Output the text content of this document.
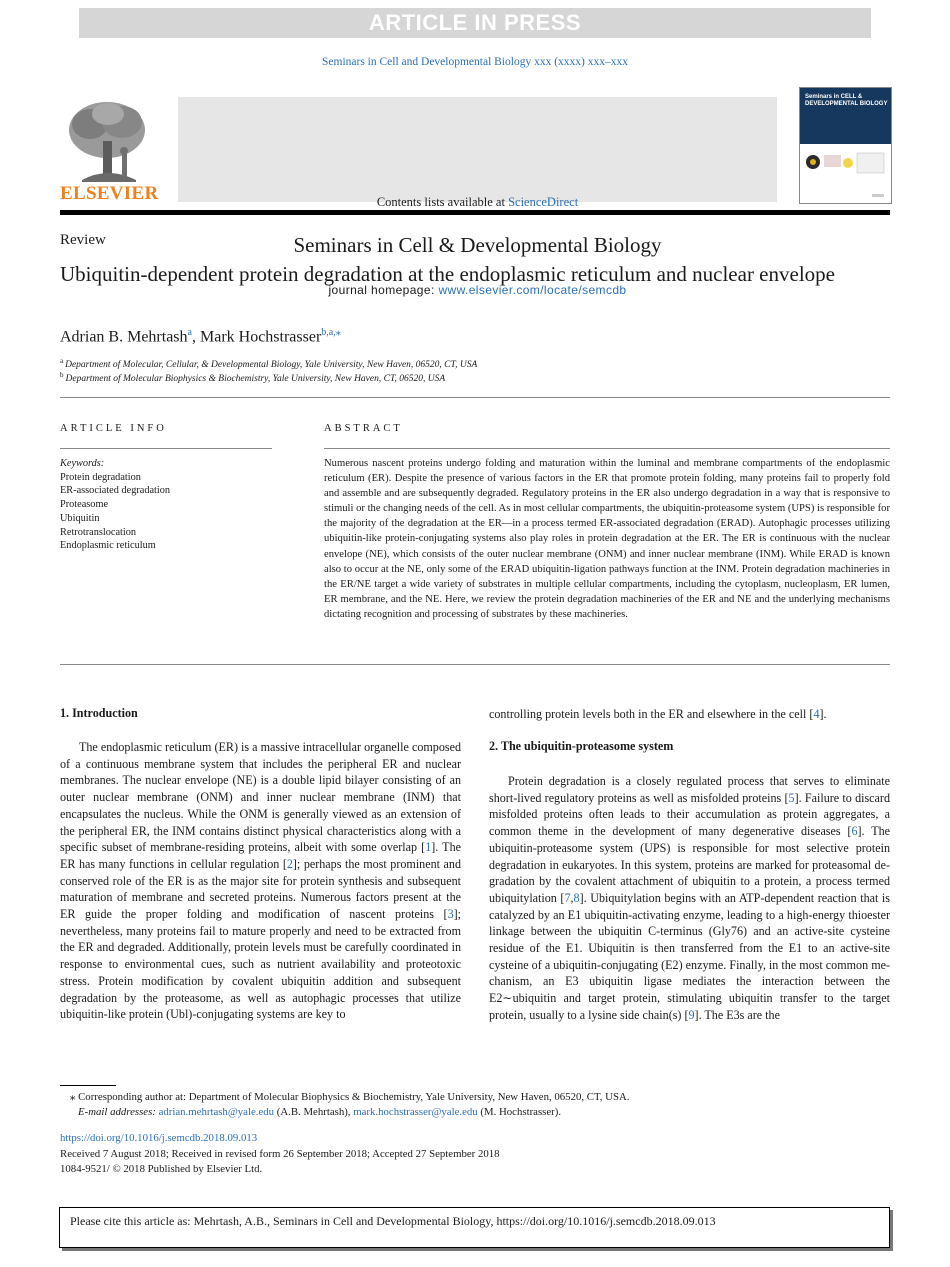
ARTICLE IN PRESS
Seminars in Cell and Developmental Biology xxx (xxxx) xxx–xxx
ELSEVIER	Contents lists available at ScienceDirect
Seminars in Cell & Developmental Biology
journal homepage: www.elsevier.com/locate/semcdb
Seminars in CELL & DEVELOPMENTAL BIOLOGY
Review
Ubiquitin-dependent protein degradation at the endoplasmic reticulum and nuclear envelope
Adrian B. Mehrtash$^a$, Mark Hochstrasser$^{b,a,⁎}$
$^a$ Department of Molecular, Cellular, & Developmental Biology, Yale University, New Haven, 06520, CT, USA
$^b$ Department of Molecular Biophysics & Biochemistry, Yale University, New Haven, CT, 06520, USA
ARTICLE INFO	ABSTRACT
Keywords:
Protein degradation
ER-associated degradation
Proteasome
Ubiquitin
Retrotranslocation
Endoplasmic reticulum
Numerous nascent proteins undergo folding and maturation within the luminal and membrane compartments of the endoplasmic reticulum (ER). Despite the presence of various factors in the ER that promote protein folding, many proteins fail to properly fold and assemble and are subsequently degraded. Regulatory proteins in the ER also undergo degradation in a way that is responsive to stimuli or the changing needs of the cell. As in most cellular compartments, the ubiquitin-proteasome system (UPS) is responsible for the majority of the degradation at the ER—in a process termed ER-associated degradation (ERAD). Autophagic processes utilizing ubiquitin-like protein-conjugating systems also play roles in protein degradation at the ER. The ER is continuous with the nuclear envelope (NE), which consists of the outer nuclear membrane (ONM) and inner nuclear membrane (INM). While ERAD is known also to occur at the NE, only some of the ERAD ubiquitin-ligation pathways function at the INM. Protein degradation machineries in the ER/NE target a wide variety of substrates in multiple cellular compartments, including the cytoplasm, nucleoplasm, ER lumen, ER membrane, and the NE. Here, we review the protein degradation machineries of the ER and NE and the underlying mechanisms dictating recognition and processing of substrates by these machineries.
1. Introduction
The endoplasmic reticulum (ER) is a massive intracellular organelle composed of a continuous membrane system that includes the peripheral ER and nuclear membranes. The nuclear envelope (NE) is a double lipid bilayer consisting of an outer nuclear membrane (ONM) and inner nuclear membrane (INM) that encapsulates the nucleus. While the ONM is generally viewed as an extension of the peripheral ER, the INM contains distinct physical characteristics along with a specific subset of membrane-residing proteins, albeit with some overlap [1]. The ER has many functions in cellular regulation [2]; perhaps the most prominent and conserved role of the ER is as the major site for protein synthesis and subsequent maturation of membrane and secreted proteins. Numerous factors present at the ER guide the proper folding and modification of nascent proteins [3]; nevertheless, many proteins fail to mature properly and need to be extracted from the ER and degraded. Additionally, protein levels must be carefully coordinated in response to environmental cues, such as nutrient availability and proteotoxic stress. Protein modification by covalent ubiquitin addition and subsequent degradation by the proteasome, as well as autophagic processes that utilize ubiquitin-like protein (Ubl)-conjugating systems are key to
controlling protein levels both in the ER and elsewhere in the cell [4].
2. The ubiquitin-proteasome system
Protein degradation is a closely regulated process that serves to eliminate short-lived regulatory proteins as well as misfolded proteins [5]. Failure to discard misfolded proteins often leads to their accumulation as protein aggregates, a common theme in the development of many degenerative diseases [6]. The ubiquitin-proteasome system (UPS) is responsible for most selective protein degradation in eukaryotes. In this system, proteins are marked for proteasomal degradation by the covalent attachment of ubiquitin to a protein, a process termed ubiquitylation [7,8]. Ubiquitylation begins with an ATP-dependent reaction that is catalyzed by an E1 ubiquitin-activating enzyme, leading to a high-energy thioester linkage between the ubiquitin C-terminus (Gly76) and an active-site cysteine residue of the E1. Ubiquitin is then transferred from the E1 to an active-site cysteine of a ubiquitin-conjugating (E2) enzyme. Finally, in the most common mechanism, an E3 ubiquitin ligase mediates the interaction between the E2∼ubiquitin and target protein, stimulating ubiquitin transfer to the target protein, usually to a lysine side chain(s) [9]. The E3s are the
⁎ Corresponding author at: Department of Molecular Biophysics & Biochemistry, Yale University, New Haven, 06520, CT, USA.
E-mail addresses: adrian.mehrtash@yale.edu (A.B. Mehrtash), mark.hochstrasser@yale.edu (M. Hochstrasser).
https://doi.org/10.1016/j.semcdb.2018.09.013
Received 7 August 2018; Received in revised form 26 September 2018; Accepted 27 September 2018
1084-9521/ © 2018 Published by Elsevier Ltd.
Please cite this article as: Mehrtash, A.B., Seminars in Cell and Developmental Biology, https://doi.org/10.1016/j.semcdb.2018.09.013
